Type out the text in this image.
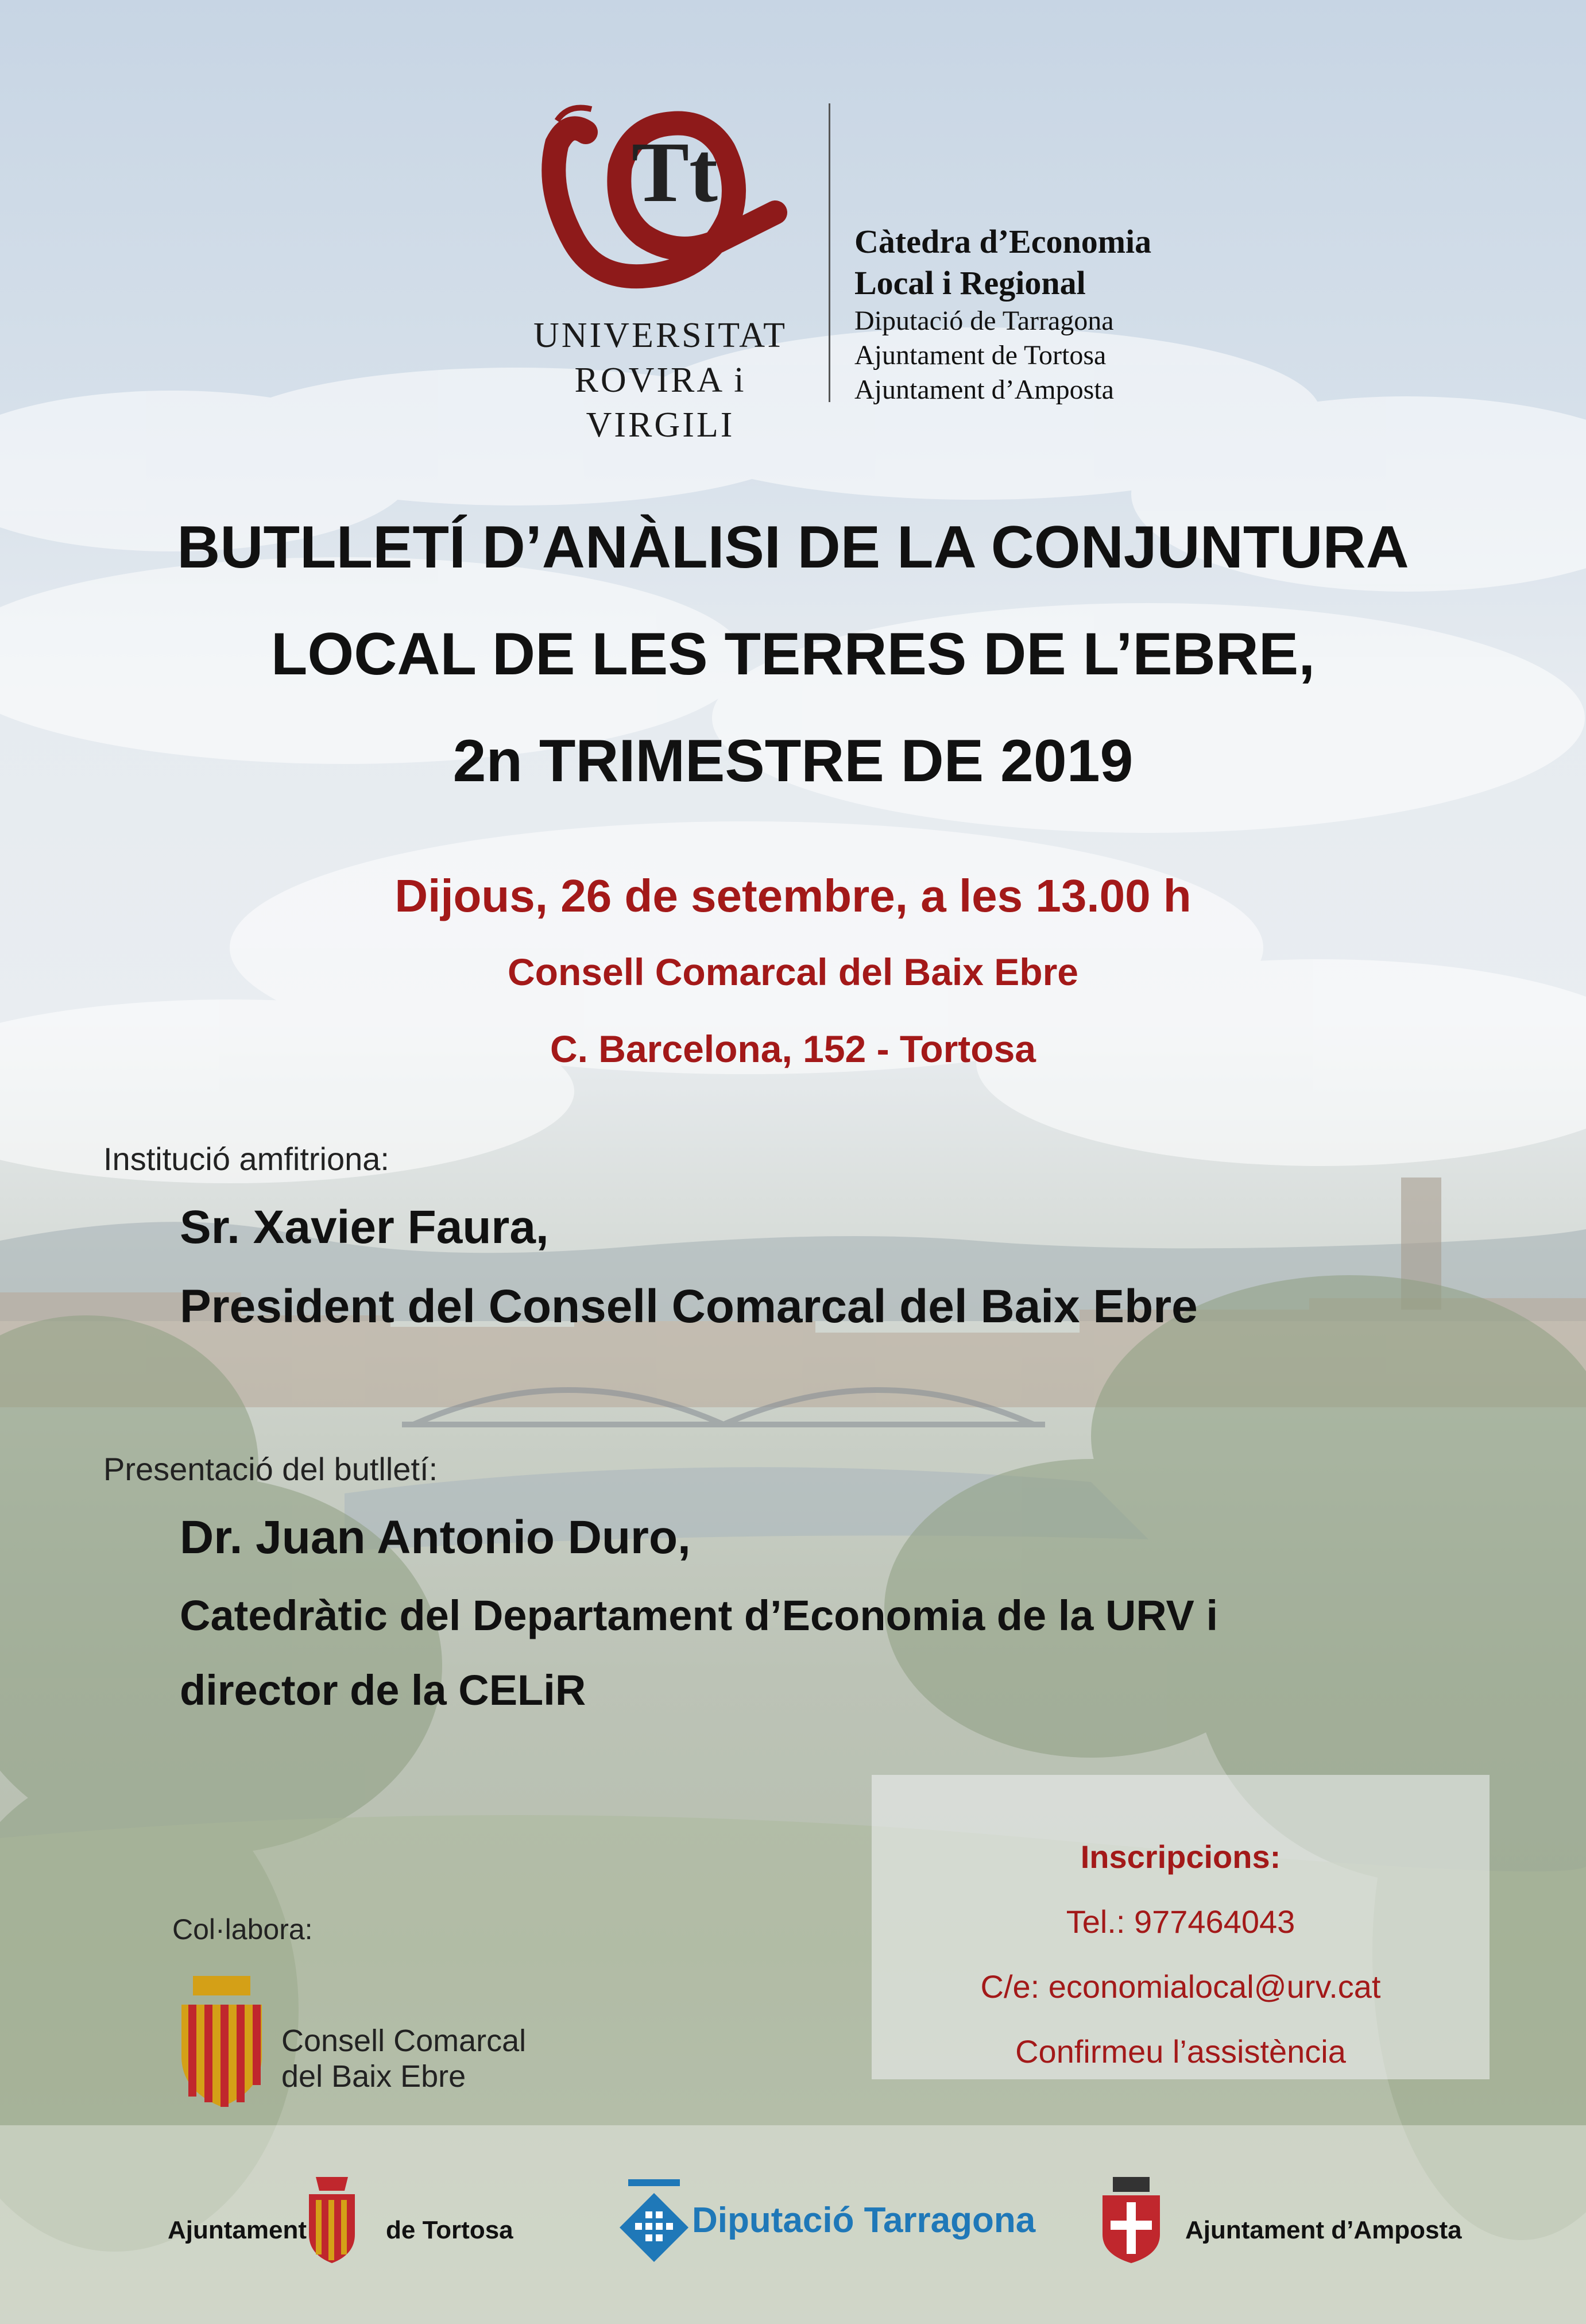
Tt
UNIVERSITAT
ROVIRA i VIRGILI
Càtedra d’Economia
Local i Regional
Diputació de Tarragona
Ajuntament de Tortosa
Ajuntament d’Amposta
BUTLLETÍ D’ANÀLISI DE LA CONJUNTURA
LOCAL DE LES TERRES DE L’EBRE,
2n TRIMESTRE DE 2019
Dijous, 26 de setembre, a les 13.00 h
Consell Comarcal del Baix Ebre
C. Barcelona, 152 - Tortosa
Institució amfitriona:
Sr. Xavier Faura,
President del Consell Comarcal del Baix Ebre
Presentació del butlletí:
Dr. Juan Antonio Duro,
Catedràtic del Departament d’Economia de la URV i
director de la CELiR
Inscripcions:
Tel.: 977464043
C/e: economialocal@urv.cat
Confirmeu l’assistència
Col·labora:
Consell Comarcal
del Baix Ebre
Ajuntament	de Tortosa	Diputació Tarragona	Ajuntament d’Amposta
